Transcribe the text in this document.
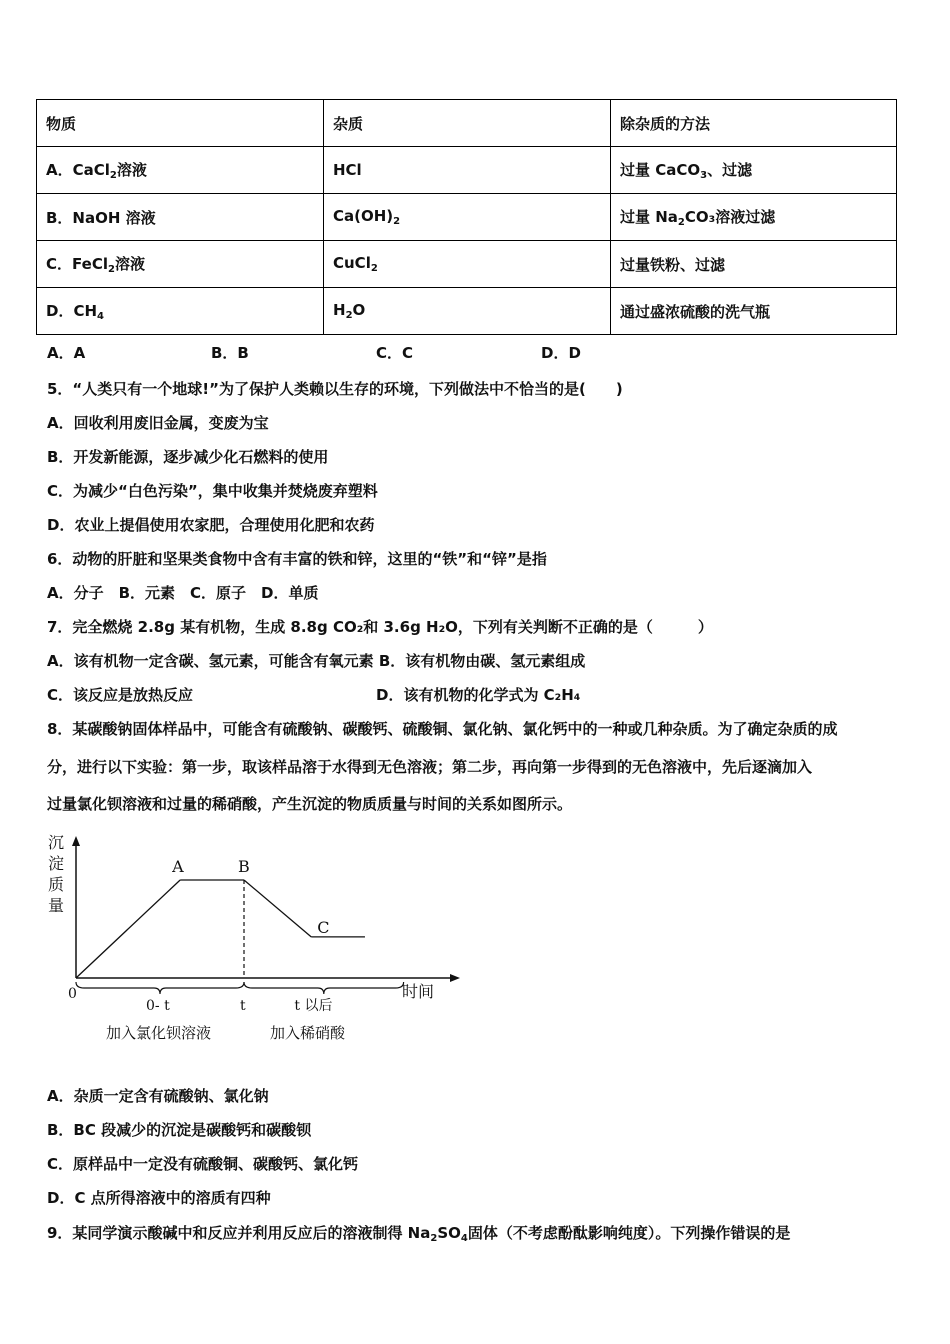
物质	杂质	除杂质的方法
A．CaCl$_2$溶液	HCl	过量 CaCO$_3$、过滤
B．NaOH 溶液	$Ca(OH)_2$	过量 $Na_2CO_3$溶液过滤
C．FeCl$_2$溶液	CuCl$_2$	过量铁粉、过滤
D．$CH_4$	$H_2O$	通过盛浓硫酸的洗气瓶
A．A	B．B	C．C	D．D
5．“人类只有一个地球!”为了保护人类赖以生存的环境，下列做法中不恰当的是(　　)
A．回收利用废旧金属，变废为宝
B．开发新能源，逐步减少化石燃料的使用
C．为减少“白色污染”，集中收集并焚烧废弃塑料
D．农业上提倡使用农家肥，合理使用化肥和农药
6．动物的肝脏和坚果类食物中含有丰富的铁和锌，这里的“铁”和“锌”是指
A．分子　B．元素　C．原子　D．单质
7．完全燃烧 2.8g 某有机物，生成 8.8g CO₂和 3.6g H₂O，下列有关判断不正确的是（　　　）
A．该有机物一定含碳、氢元素，可能含有氧元素 B．该有机物由碳、氢元素组成
C．该反应是放热反应	D．该有机物的化学式为 C₂H₄
8．某碳酸钠固体样品中，可能含有硫酸钠、碳酸钙、硫酸铜、氯化钠、氯化钙中的一种或几种杂质。为了确定杂质的成
分，进行以下实验：第一步，取该样品溶于水得到无色溶液；第二步，再向第一步得到的无色溶液中，先后逐滴加入
过量氯化钡溶液和过量的稀硝酸，产生沉淀的物质质量与时间的关系如图所示。
沉
淀
质
量
时间
0
A	B
C
0- t	t	t 以后
加入氯化钡溶液	加入稀硝酸
A．杂质一定含有硫酸钠、氯化钠
B．BC 段减少的沉淀是碳酸钙和碳酸钡
C．原样品中一定没有硫酸铜、碳酸钙、氯化钙
D．C 点所得溶液中的溶质有四种
9．某同学演示酸碱中和反应并利用反应后的溶液制得 $Na_2SO_4$固体（不考虑酚酞影响纯度）。下列操作错误的是
